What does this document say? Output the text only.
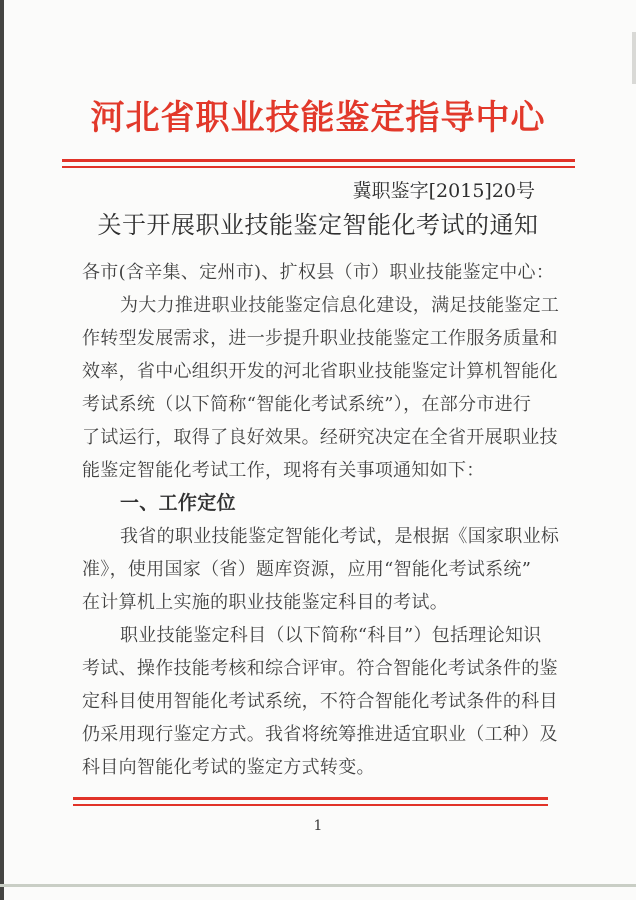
河北省职业技能鉴定指导中心
冀职鉴字[2015]20号
关于开展职业技能鉴定智能化考试的通知
各市(含辛集、定州市)、扩权县（市）职业技能鉴定中心：
为大力推进职业技能鉴定信息化建设，满足技能鉴定工
作转型发展需求，进一步提升职业技能鉴定工作服务质量和
效率，省中心组织开发的河北省职业技能鉴定计算机智能化
考试系统（以下简称“智能化考试系统”），在部分市进行
了试运行，取得了良好效果。经研究决定在全省开展职业技
能鉴定智能化考试工作，现将有关事项通知如下：
一、工作定位
我省的职业技能鉴定智能化考试，是根据《国家职业标
准》，使用国家（省）题库资源，应用“智能化考试系统”
在计算机上实施的职业技能鉴定科目的考试。
职业技能鉴定科目（以下简称“科目”）包括理论知识
考试、操作技能考核和综合评审。符合智能化考试条件的鉴
定科目使用智能化考试系统，不符合智能化考试条件的科目
仍采用现行鉴定方式。我省将统筹推进适宜职业（工种）及
科目向智能化考试的鉴定方式转变。
1
